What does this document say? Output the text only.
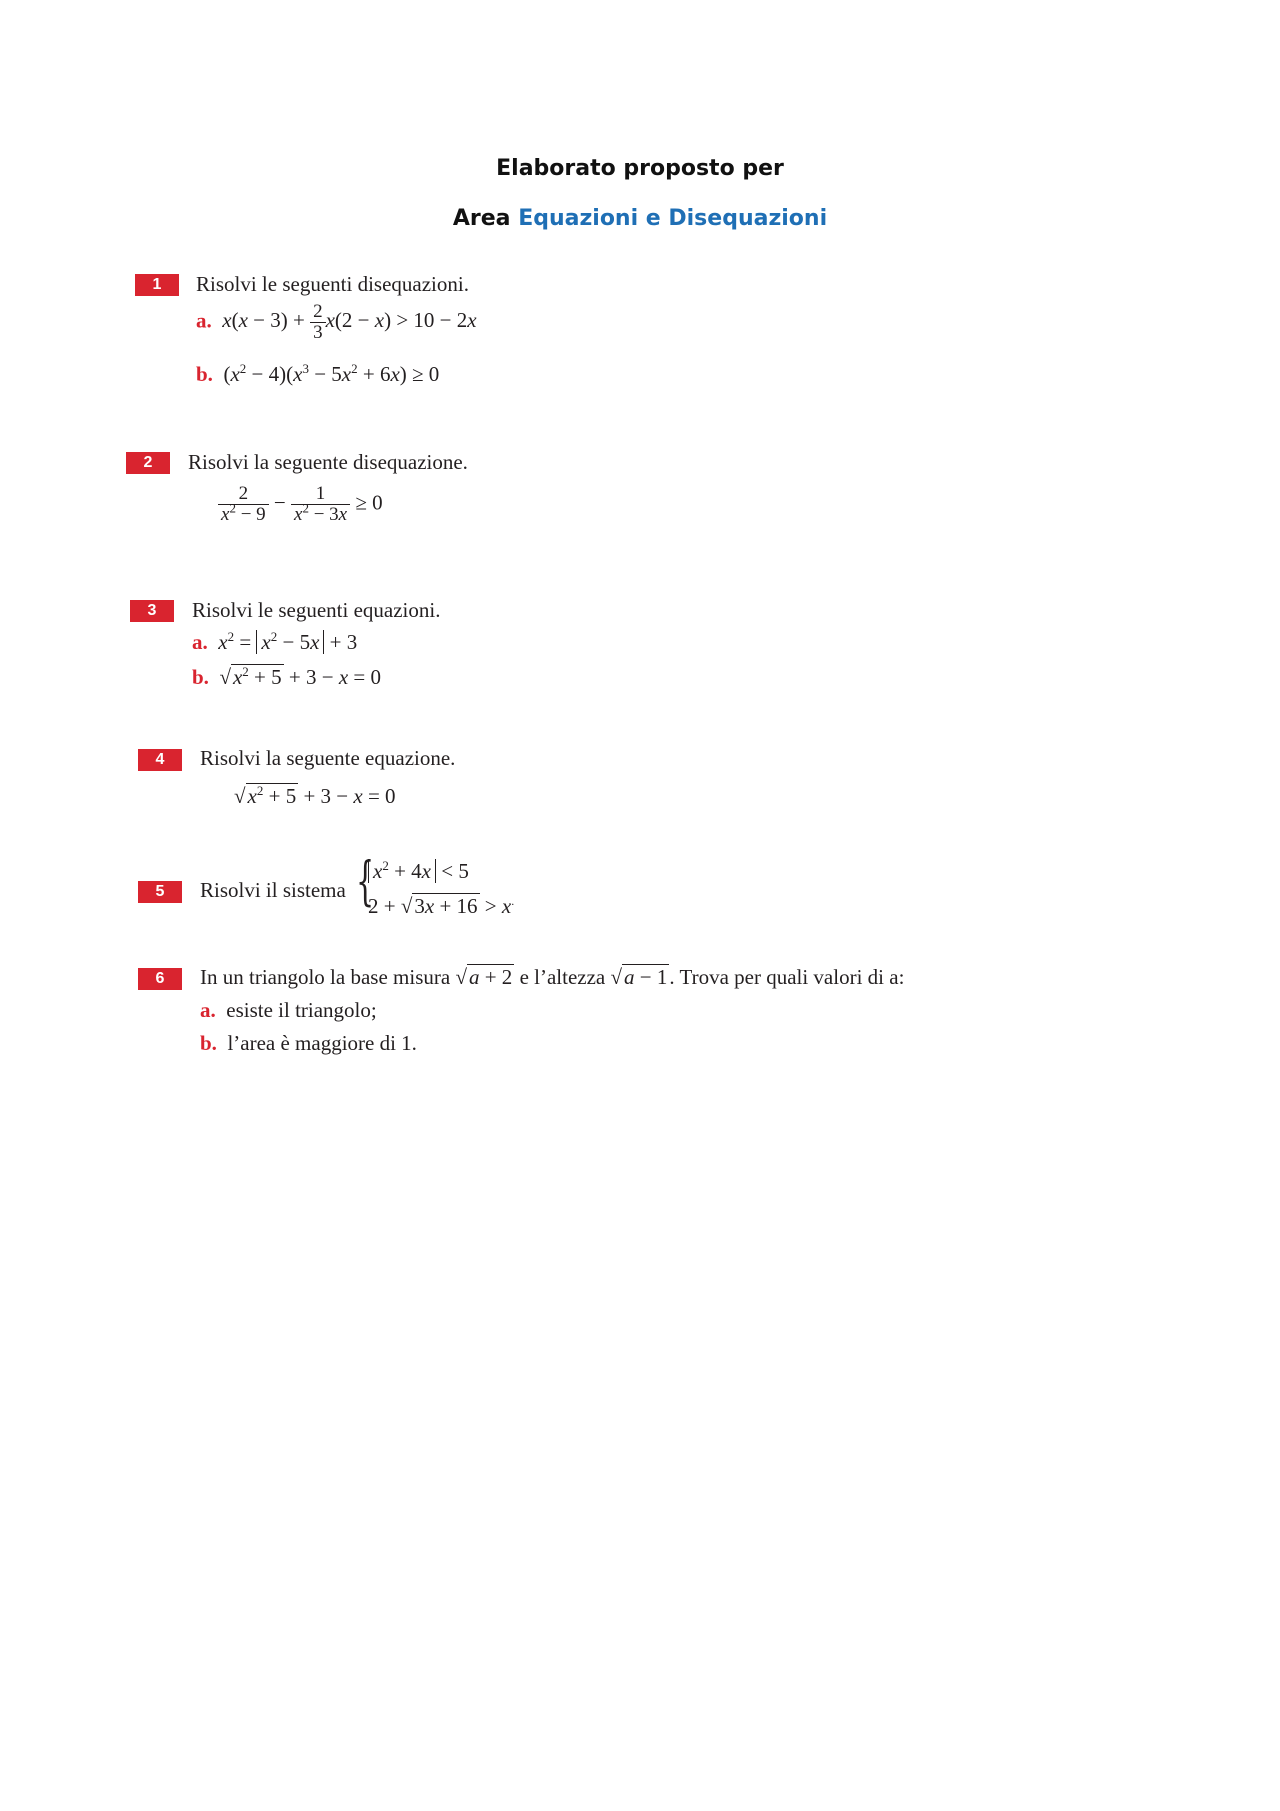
Elaborato proposto per
Area Equazioni e Disequazioni
1	Risolvi le seguenti disequazioni.
a. $x(x - 3) + \frac{2}{3} x(2 - x) > 10 - 2x$
b. $(x^2 - 4)(x^3 - 5x^2 + 6x) \ge 0$
2	Risolvi la seguente disequazione.
$\frac{2}{x^2 - 9} - \frac{1}{x^2 - 3x} \ge 0$
3	Risolvi le seguenti equazioni.
a. $x^2 = x^2 - 5x + 3$
b. $√x^2 + 5 + 3 - x = 0$
4	Risolvi la seguente equazione.
$√x^2 + 5 + 3 - x = 0$
5	Risolvi il sistema {
$x^2 + 4x < 5$
2 + √3x + 16 > x.
6	In un triangolo la base misura √a + 2 e l’altezza √a − 1. Trova per quali valori di a:
a. esiste il triangolo;
b. l’area è maggiore di 1.
